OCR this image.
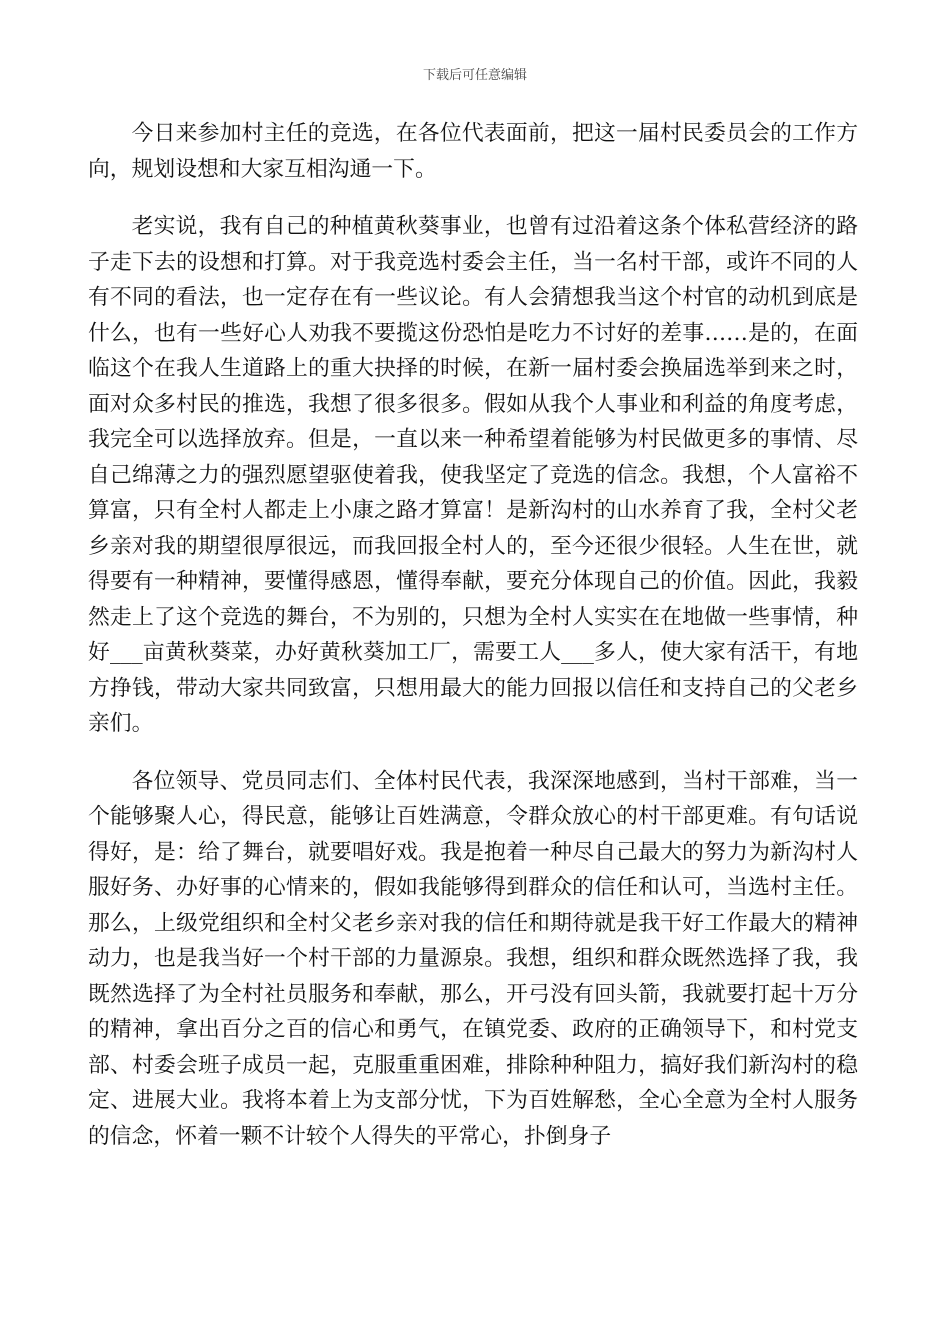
下载后可任意编辑

今日来参加村主任的竞选，在各位代表面前，把这一届村民委员会的工作方向，规划设想和大家互相沟通一下。

老实说，我有自己的种植黄秋葵事业，也曾有过沿着这条个体私营经济的路子走下去的设想和打算。对于我竞选村委会主任，当一名村干部，或许不同的人有不同的看法，也一定存在有一些议论。有人会猜想我当这个村官的动机到底是什么，也有一些好心人劝我不要揽这份恐怕是吃力不讨好的差事……是的，在面临这个在我人生道路上的重大抉择的时候，在新一届村委会换届选举到来之时，面对众多村民的推选，我想了很多很多。假如从我个人事业和利益的角度考虑，我完全可以选择放弃。但是，一直以来一种希望着能够为村民做更多的事情、尽自己绵薄之力的强烈愿望驱使着我，使我坚定了竞选的信念。我想，个人富裕不算富，只有全村人都走上小康之路才算富！是新沟村的山水养育了我，全村父老乡亲对我的期望很厚很远，而我回报全村人的，至今还很少很轻。人生在世，就得要有一种精神，要懂得感恩，懂得奉献，要充分体现自己的价值。因此，我毅然走上了这个竞选的舞台，不为别的，只想为全村人实实在在地做一些事情，种好___亩黄秋葵菜，办好黄秋葵加工厂，需要工人___多人，使大家有活干，有地方挣钱，带动大家共同致富，只想用最大的能力回报以信任和支持自己的父老乡亲们。

各位领导、党员同志们、全体村民代表，我深深地感到，当村干部难，当一个能够聚人心，得民意，能够让百姓满意，令群众放心的村干部更难。有句话说得好，是：给了舞台，就要唱好戏。我是抱着一种尽自己最大的努力为新沟村人服好务、办好事的心情来的，假如我能够得到群众的信任和认可，当选村主任。那么，上级党组织和全村父老乡亲对我的信任和期待就是我干好工作最大的精神动力，也是我当好一个村干部的力量源泉。我想，组织和群众既然选择了我，我既然选择了为全村社员服务和奉献，那么，开弓没有回头箭，我就要打起十万分的精神，拿出百分之百的信心和勇气，在镇党委、政府的正确领导下，和村党支部、村委会班子成员一起，克服重重困难，排除种种阻力，搞好我们新沟村的稳定、进展大业。我将本着上为支部分忧，下为百姓解愁，全心全意为全村人服务的信念，怀着一颗不计较个人得失的平常心，扑倒身子
